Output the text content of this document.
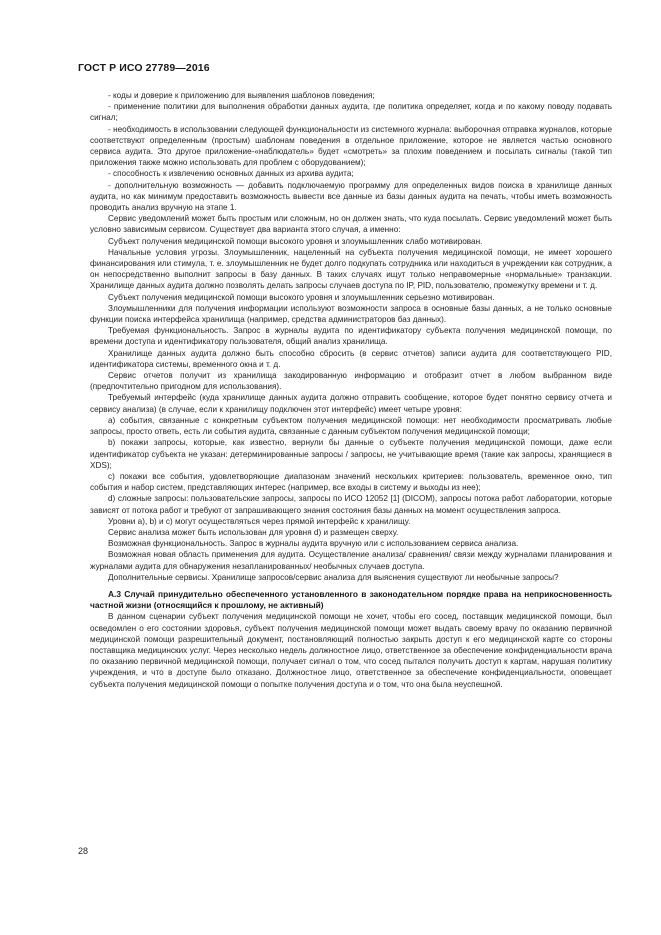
ГОСТ Р ИСО 27789—2016

- коды и доверие к приложению для выявления шаблонов поведения;

- применение политики для выполнения обработки данных аудита, где политика определяет, когда и по какому поводу подавать сигнал;

- необходимость в использовании следующей функциональности из системного журнала: выборочная отправка журналов, которые соответствуют определенным (простым) шаблонам поведения в отдельное приложение, которое не является частью основного сервиса аудита. Это другое приложение-«наблюдатель» будет «смотреть» за плохим поведением и посылать сигналы (такой тип приложения также можно использовать для проблем с оборудованием);

- способность к извлечению основных данных из архива аудита;

- дополнительную возможность — добавить подключаемую программу для определенных видов поиска в хранилище данных аудита, но как минимум предоставить возможность вывести все данные из базы данных аудита на печать, чтобы иметь возможность проводить анализ вручную на этапе 1.

Сервис уведомлений может быть простым или сложным, но он должен знать, что куда посылать. Сервис уведомлений может быть условно зависимым сервисом. Существует два варианта этого случая, а именно:

Субъект получения медицинской помощи высокого уровня и злоумышленник слабо мотивирован.

Начальные условия угрозы. Злоумышленник, нацеленный на субъекта получения медицинской помощи, не имеет хорошего финансирования или стимула, т. е. злоумышленник не будет долго подкупать сотрудника или находиться в учреждении как сотрудник, а он непосредственно выполнит запросы в базу данных. В таких случаях ищут только неправомерные «нормальные» транзакции. Хранилище данных аудита должно позволять делать запросы случаев доступа по IP, PID, пользователю, промежутку времени и т. д.

Субъект получения медицинской помощи высокого уровня и злоумышленник серьезно мотивирован.

Злоумышленники для получения информации используют возможности запроса в основные базы данных, а не только основные функции поиска интерфейса хранилища (например, средства администраторов баз данных).

Требуемая функциональность. Запрос в журналы аудита по идентификатору субъекта получения медицинской помощи, по времени доступа и идентификатору пользователя, общий анализ хранилища.

Хранилище данных аудита должно быть способно сбросить (в сервис отчетов) записи аудита для соответствующего PID, идентификатора системы, временного окна и т. д.

Сервис отчетов получит из хранилища закодированную информацию и отобразит отчет в любом выбранном виде (предпочтительно пригодном для использования).

Требуемый интерфейс (куда хранилище данных аудита должно отправить сообщение, которое будет понятно сервису отчета и сервису анализа) (в случае, если к хранилищу подключен этот интерфейс) имеет четыре уровня:

а) события, связанные с конкретным субъектом получения медицинской помощи: нет необходимости просматривать любые запросы, просто ответь, есть ли события аудита, связанные с данным субъектом получения медицинской помощи;

b) покажи запросы, которые, как известно, вернули бы данные о субъекте получения медицинской помощи, даже если идентификатор субъекта не указан: детерминированные запросы / запросы, не учитывающие время (такие как запросы, хранящиеся в XDS);

c) покажи все события, удовлетворяющие диапазонам значений нескольких критериев: пользователь, временное окно, тип события и набор систем, представляющих интерес (например, все входы в систему и выходы из нее);

d) сложные запросы: пользовательские запросы, запросы по ИСО 12052 [1] (DICOM), запросы потока работ лаборатории, которые зависят от потока работ и требуют от запрашивающего знания состояния базы данных на момент осуществления запроса.

Уровни а), b) и с) могут осуществляться через прямой интерфейс к хранилищу.

Сервис анализа может быть использован для уровня d) и размещен сверху.

Возможная функциональность. Запрос в журналы аудита вручную или с использованием сервиса анализа.

Возможная новая область применения для аудита. Осуществление анализа/ сравнения/ связи между журналами планирования и журналами аудита для обнаружения незапланированных/ необычных случаев доступа.

Дополнительные сервисы. Хранилище запросов/сервис анализа для выяснения существуют ли необычные запросы?

А.3 Случай принудительно обеспеченного установленного в законодательном порядке права на неприкосновенность частной жизни (относящийся к прошлому, не активный)

В данном сценарии субъект получения медицинской помощи не хочет, чтобы его сосед, поставщик медицинской помощи, был осведомлен о его состоянии здоровья, субъект получения медицинской помощи может выдать своему врачу по оказанию первичной медицинской помощи разрешительный документ, постановляющий полностью закрыть доступ к его медицинской карте со стороны поставщика медицинских услуг. Через несколько недель должностное лицо, ответственное за обеспечение конфиденциальности врача по оказанию первичной медицинской помощи, получает сигнал о том, что сосед пытался получить доступ к картам, нарушая политику учреждения, и что в доступе было отказано. Должностное лицо, ответственное за обеспечение конфиденциальности, оповещает субъекта получения медицинской помощи о попытке получения доступа и о том, что она была неуспешной.

28
